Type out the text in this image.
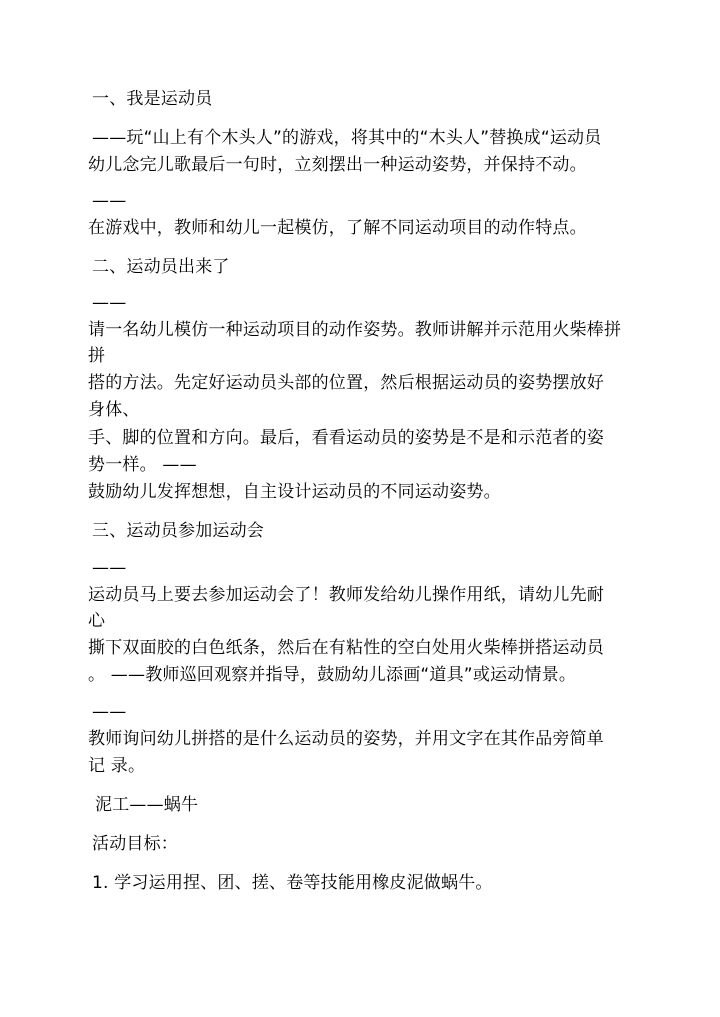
一、我是运动员
——玩“山上有个木头人”的游戏，将其中的“木头人”替换成“运动员
幼儿念完儿歌最后一句时，立刻摆出一种运动姿势，并保持不动。
——
在游戏中，教师和幼儿一起模仿，了解不同运动项目的动作特点。
二、运动员出来了
——
请一名幼儿模仿一种运动项目的动作姿势。教师讲解并示范用火柴棒拼
拼
搭的方法。先定好运动员头部的位置，然后根据运动员的姿势摆放好
身体、
手、脚的位置和方向。最后，看看运动员的姿势是不是和示范者的姿
势一样。 ——
鼓励幼儿发挥想想，自主设计运动员的不同运动姿势。
三、运动员参加运动会
——
运动员马上要去参加运动会了！教师发给幼儿操作用纸，请幼儿先耐
心
撕下双面胶的白色纸条，然后在有粘性的空白处用火柴棒拼搭运动员
。 ——教师巡回观察并指导，鼓励幼儿添画“道具”或运动情景。
——
教师询问幼儿拼搭的是什么运动员的姿势，并用文字在其作品旁简单
记 录。
泥工——蜗牛
活动目标：
1. 学习运用捏、团、搓、卷等技能用橡皮泥做蜗牛。
